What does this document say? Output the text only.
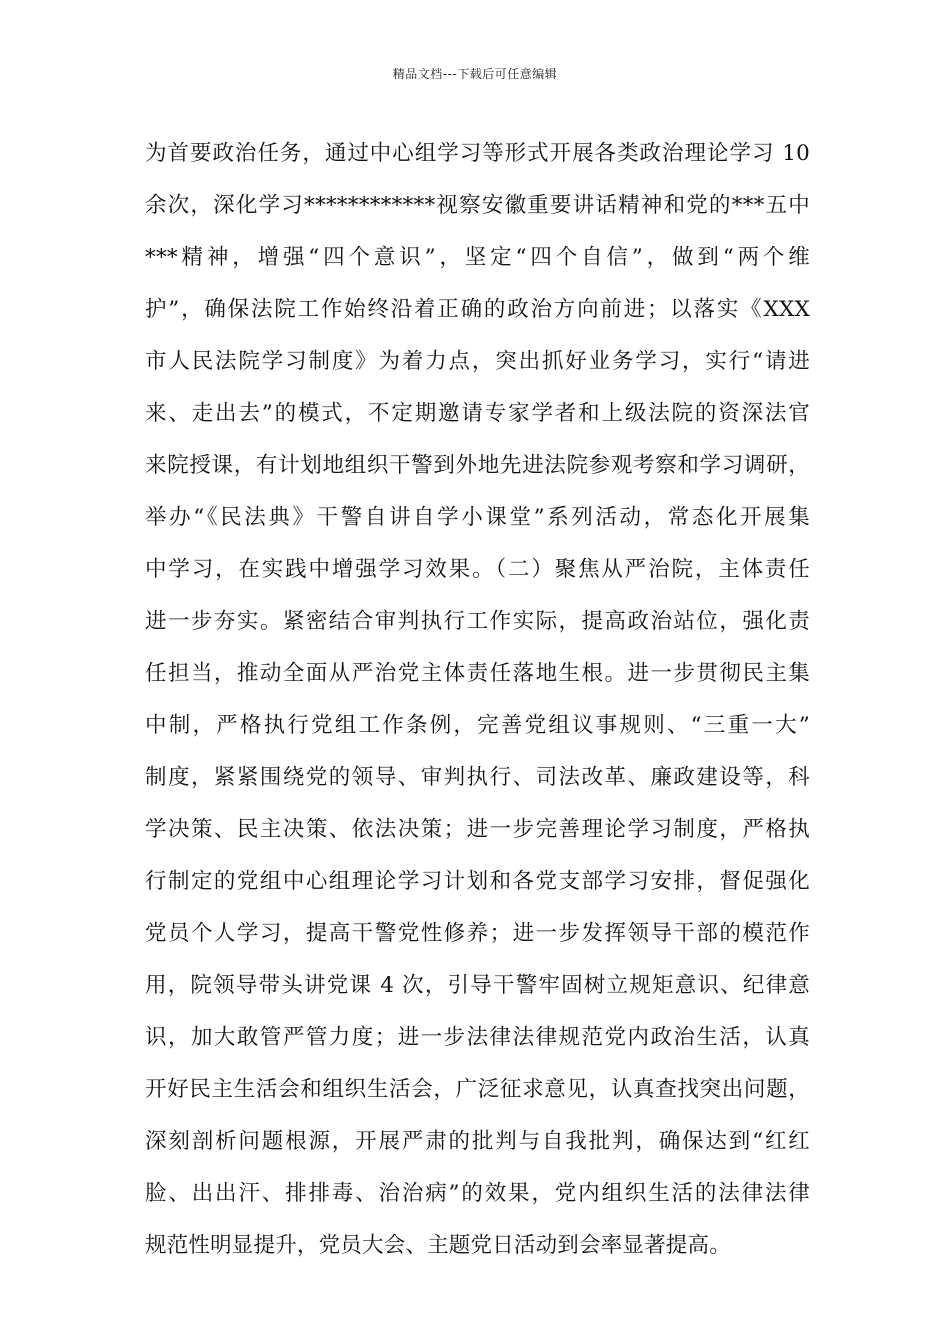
精品文档---下载后可任意编辑
为首要政治任务，通过中心组学习等形式开展各类政治理论学习 10
余次，深化学习************视察安徽重要讲话精神和党的***五中
***精神，增强“四个意识”，坚定“四个自信”，做到“两个维
护”，确保法院工作始终沿着正确的政治方向前进；以落实《XXX
市人民法院学习制度》为着力点，突出抓好业务学习，实行“请进
来、走出去”的模式，不定期邀请专家学者和上级法院的资深法官
来院授课，有计划地组织干警到外地先进法院参观考察和学习调研，
举办“《民法典》干警自讲自学小课堂”系列活动，常态化开展集
中学习，在实践中增强学习效果。（二）聚焦从严治院，主体责任
进一步夯实。紧密结合审判执行工作实际，提高政治站位，强化责
任担当，推动全面从严治党主体责任落地生根。进一步贯彻民主集
中制，严格执行党组工作条例，完善党组议事规则、“三重一大”
制度，紧紧围绕党的领导、审判执行、司法改革、廉政建设等，科
学决策、民主决策、依法决策；进一步完善理论学习制度，严格执
行制定的党组中心组理论学习计划和各党支部学习安排，督促强化
党员个人学习，提高干警党性修养；进一步发挥领导干部的模范作
用，院领导带头讲党课 4 次，引导干警牢固树立规矩意识、纪律意
识，加大敢管严管力度；进一步法律法律规范党内政治生活，认真
开好民主生活会和组织生活会，广泛征求意见，认真查找突出问题，
深刻剖析问题根源，开展严肃的批判与自我批判，确保达到“红红
脸、出出汗、排排毒、治治病”的效果，党内组织生活的法律法律
规范性明显提升，党员大会、主题党日活动到会率显著提高。
